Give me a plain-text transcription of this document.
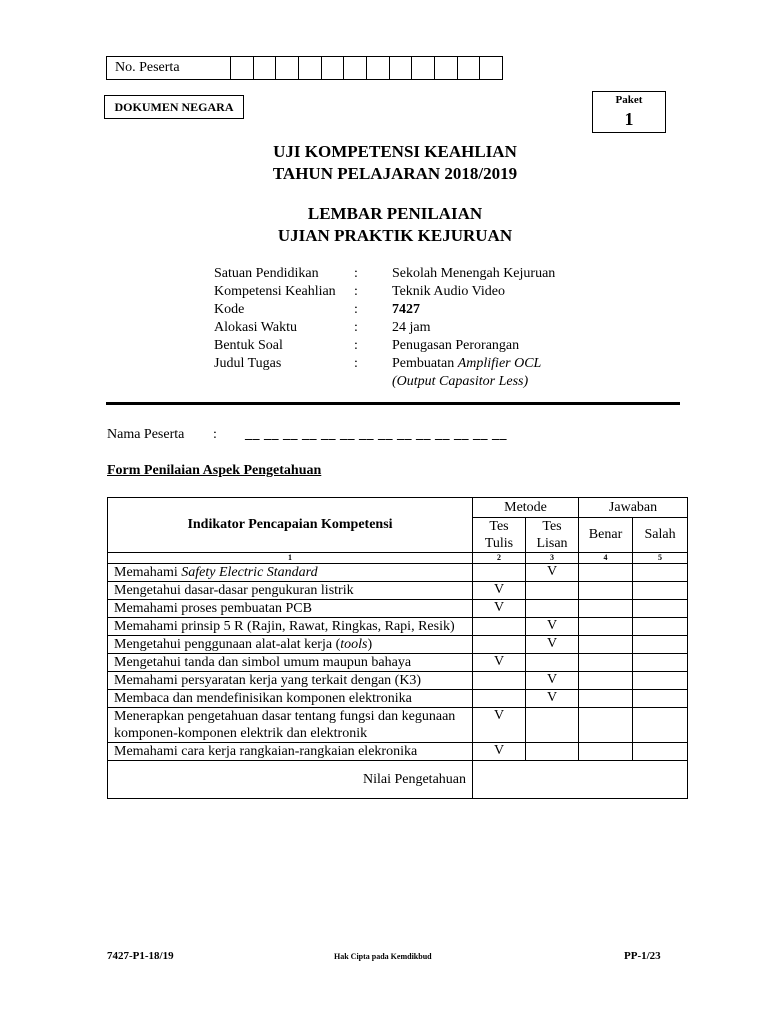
No. Peserta
DOKUMEN NEGARA	Paket
1
UJI KOMPETENSI KEAHLIAN
TAHUN PELAJARAN 2018/2019
LEMBAR PENILAIAN
UJIAN PRAKTIK KEJURUAN
Satuan Pendidikan	:	Sekolah Menengah Kejuruan
Kompetensi Keahlian	:	Teknik Audio Video
Kode	:	7427
Alokasi Waktu	:	24 jam
Bentuk Soal	:	Penugasan Perorangan
Judul Tugas	:	Pembuatan Amplifier OCL
(Output Capasitor Less)
Nama Peserta : __ __ __ __ __ __ __ __ __ __ __ __ __ __
Form Penilaian Aspek Pengetahuan
Indikator Pencapaian Kompetensi	Metode		Jawaban	
	Tes Tulis	Tes Lisan	Benar	Salah
1	2	3	4	5
Memahami Safety Electric Standard		V		
Mengetahui dasar-dasar pengukuran listrik	V			
Memahami proses pembuatan PCB	V			
Memahami prinsip 5 R (Rajin, Rawat, Ringkas, Rapi, Resik)		V		
Mengetahui penggunaan alat-alat kerja (tools)		V		
Mengetahui tanda dan simbol umum maupun bahaya	V			
Memahami persyaratan kerja yang terkait dengan (K3)		V		
Membaca dan mendefinisikan komponen elektronika		V		
Menerapkan pengetahuan dasar tentang fungsi dan kegunaan komponen-komponen elektrik dan elektronik	V			
Memahami cara kerja rangkaian-rangkaian elekronika	V			
Nilai Pengetahuan				
7427-P1-18/19	Hak Cipta pada Kemdikbud	PP-1/23
